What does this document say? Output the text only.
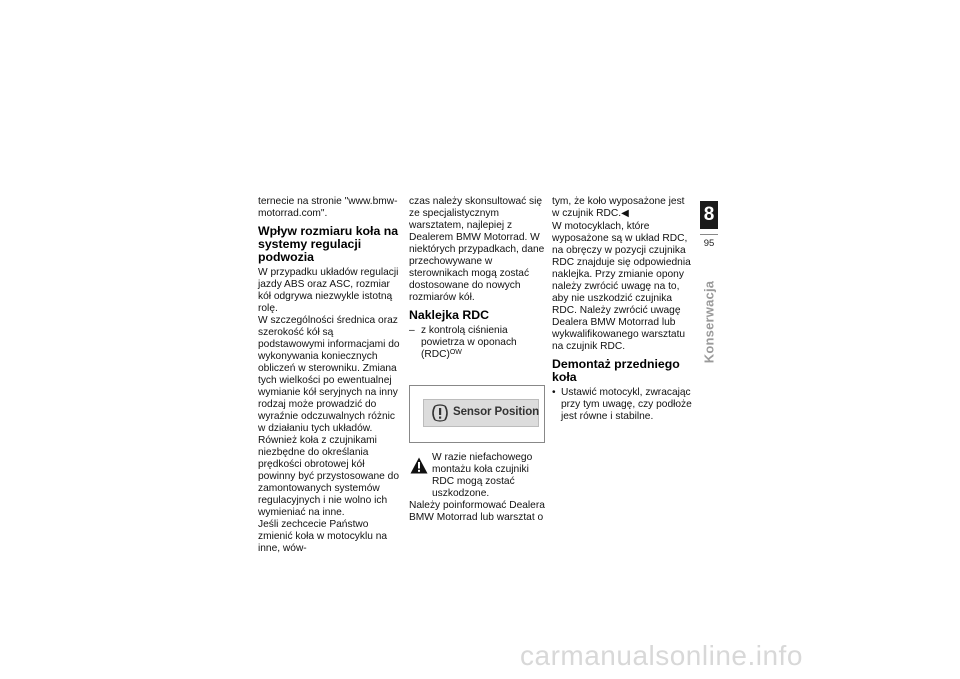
ternecie na stronie "www.bmw-motorrad.com".

Wpływ rozmiaru koła na systemy regulacji podwozia

W przypadku układów regulacji jazdy ABS oraz ASC, rozmiar kół odgrywa niezwykle istotną rolę.

W szczególności średnica oraz szerokość kół są podstawowymi informacjami do wykonywania koniecznych obliczeń w sterowniku. Zmiana tych wielkości po ewentualnej wymianie kół seryjnych na inny rodzaj może prowadzić do wyraźnie odczuwalnych różnic w działaniu tych układów.

Również koła z czujnikami niezbędne do określania prędkości obrotowej kół powinny być przystosowane do zamontowanych systemów regulacyjnych i nie wolno ich wymieniać na inne.

Jeśli zechcecie Państwo zmienić koła w motocyklu na inne, wów-

czas należy skonsultować się ze specjalistycznym warsztatem, najlepiej z Dealerem BMW Motorrad. W niektórych przypadkach, dane przechowywane w sterownikach mogą zostać dostosowane do nowych rozmiarów kół.

Naklejka RDC
– z kontrolą ciśnienia powietrza w oponach (RDC)$^{OW}$
Sensor Position

W razie niefachowego montażu koła czujniki RDC mogą zostać uszkodzone.

Należy poinformować Dealera BMW Motorrad lub warsztat o

tym, że koło wyposażone jest w czujnik RDC.◀

W motocyklach, które wyposażone są w układ RDC, na obręczy w pozycji czujnika RDC znajduje się odpowiednia naklejka. Przy zmianie opony należy zwrócić uwagę na to, aby nie uszkodzić czujnika RDC. Należy zwrócić uwagę Dealera BMW Motorrad lub wykwalifikowanego warsztatu na czujnik RDC.

Demontaż przedniego koła
• Ustawić motocykl, zwracając przy tym uwagę, czy podłoże jest równe i stabilne.
8
95
Konserwacja
carmanualsonline.info
